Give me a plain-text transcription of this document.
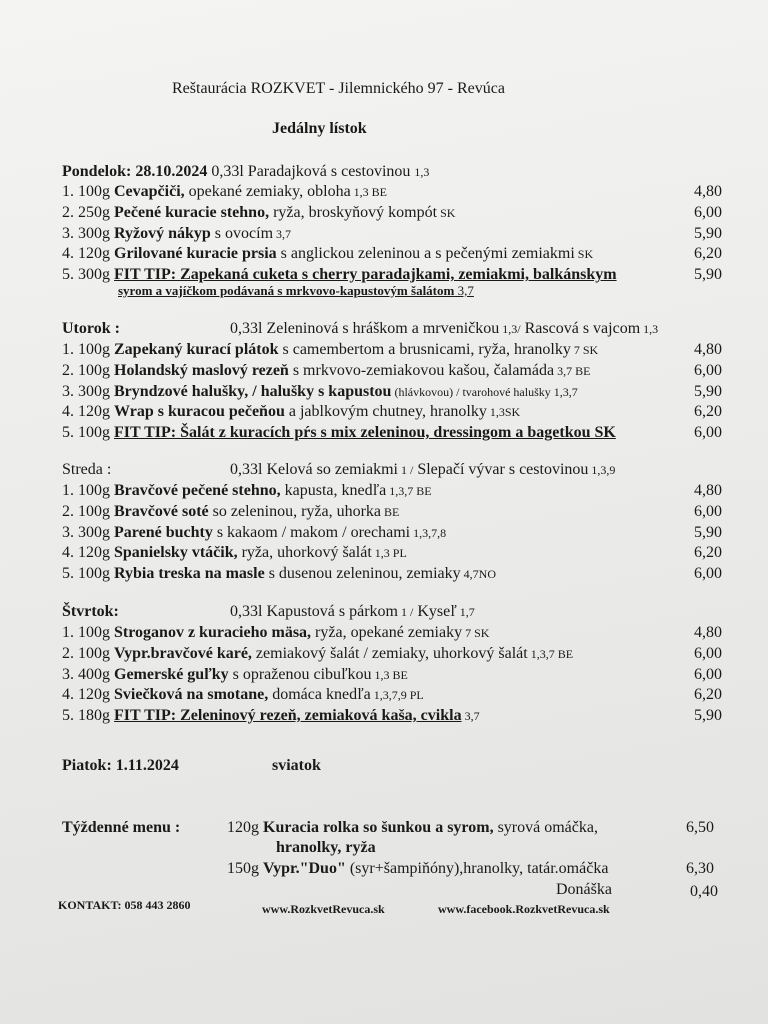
Reštaurácia ROZKVET - Jilemnického 97 - Revúca
Jedálny lístok
Pondelok: 28.10.2024 0,33l Paradajková s cestovinou 1,3
1. 100g Cevapčiči, opekané zemiaky, obloha 1,3 BE	4,80
2. 250g Pečené kuracie stehno, ryža, broskyňový kompót SK	6,00
3. 300g Ryžový nákyp s ovocím 3,7	5,90
4. 120g Grilované kuracie prsia s anglickou zeleninou a s pečenými zemiakmi SK	6,20
5. 300g FIT TIP: Zapekaná cuketa s cherry paradajkami, zemiakmi, balkánskym	5,90
syrom a vajíčkom podávaná s mrkvovo-kapustovým šalátom 3,7
Utorok :	0,33l Zeleninová s hráškom a mrveničkou 1,3/ Rascová s vajcom 1,3
1. 100g Zapekaný kurací plátok s camembertom a brusnicami, ryža, hranolky 7 SK	4,80
2. 100g Holandský maslový rezeň s mrkvovo-zemiakovou kašou, čalamáda 3,7 BE	6,00
3. 300g Bryndzové halušky, / halušky s kapustou (hlávkovou) / tvarohové halušky 1,3,7	5,90
4. 120g Wrap s kuracou pečeňou a jablkovým chutney, hranolky 1,3SK	6,20
5. 100g FIT TIP: Šalát z kuracích pŕs s mix zeleninou, dressingom a bagetkou SK	6,00
Streda :	0,33l Kelová so zemiakmi 1 / Slepačí vývar s cestovinou 1,3,9
1. 100g Bravčové pečené stehno, kapusta, knedľa 1,3,7 BE	4,80
2. 100g Bravčové soté so zeleninou, ryža, uhorka BE	6,00
3. 300g Parené buchty s kakaom / makom / orechami 1,3,7,8	5,90
4. 120g Spanielsky vtáčik, ryža, uhorkový šalát 1,3 PL	6,20
5. 100g Rybia treska na masle s dusenou zeleninou, zemiaky 4,7NO	6,00
Štvrtok:	0,33l Kapustová s párkom 1 / Kyseľ 1,7
1. 100g Stroganov z kuracieho mäsa, ryža, opekané zemiaky 7 SK	4,80
2. 100g Vypr.bravčové karé, zemiakový šalát / zemiaky, uhorkový šalát 1,3,7 BE	6,00
3. 400g Gemerské guľky s opraženou cibuľkou 1,3 BE	6,00
4. 120g Sviečková na smotane, domáca knedľa 1,3,7,9 PL	6,20
5. 180g FIT TIP: Zeleninový rezeň, zemiaková kaša, cvikla 3,7	5,90
Piatok: 1.11.2024	sviatok
Týždenné menu :	120g Kuracia rolka so šunkou a syrom, syrová omáčka,	6,50
hranolky, ryža
150g Vypr."Duo" (syr+šampiňóny),hranolky, tatár.omáčka	6,30
Donáška	0,40
KONTAKT: 058 443 2860	www.RozkvetRevuca.sk	www.facebook.RozkvetRevuca.sk
